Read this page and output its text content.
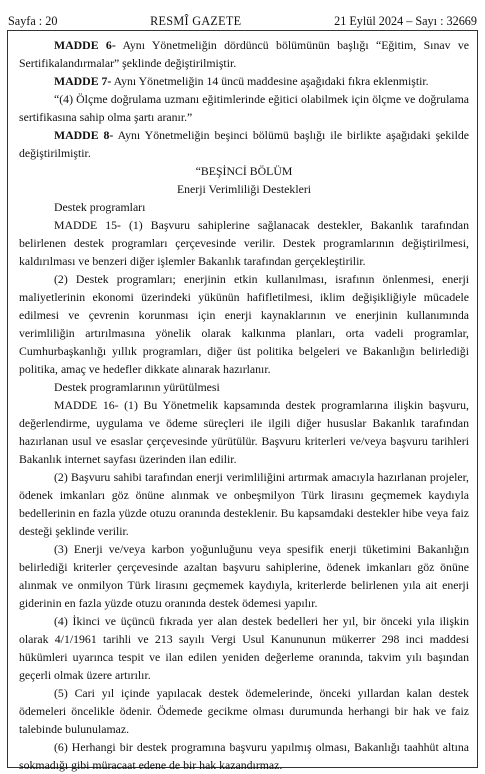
Sayfa : 20	RESMÎ GAZETE	21 Eylül 2024 – Sayı : 32669

MADDE 6- Aynı Yönetmeliğin dördüncü bölümünün başlığı “Eğitim, Sınav ve Sertifikalandırmalar” şeklinde değiştirilmiştir.

MADDE 7- Aynı Yönetmeliğin 14 üncü maddesine aşağıdaki fıkra eklenmiştir.

“(4) Ölçme doğrulama uzmanı eğitimlerinde eğitici olabilmek için ölçme ve doğrulama sertifikasına sahip olma şartı aranır.”

MADDE 8- Aynı Yönetmeliğin beşinci bölümü başlığı ile birlikte aşağıdaki şekilde değiştirilmiştir.

“BEŞİNCİ BÖLÜM

Enerji Verimliliği Destekleri

Destek programları

MADDE 15- (1) Başvuru sahiplerine sağlanacak destekler, Bakanlık tarafından belirlenen destek programları çerçevesinde verilir. Destek programlarının değiştirilmesi, kaldırılması ve benzeri diğer işlemler Bakanlık tarafından gerçekleştirilir.

(2) Destek programları; enerjinin etkin kullanılması, israfının önlenmesi, enerji maliyetlerinin ekonomi üzerindeki yükünün hafifletilmesi, iklim değişikliğiyle mücadele edilmesi ve çevrenin korunması için enerji kaynaklarının ve enerjinin kullanımında verimliliğin artırılmasına yönelik olarak kalkınma planları, orta vadeli programlar, Cumhurbaşkanlığı yıllık programları, diğer üst politika belgeleri ve Bakanlığın belirlediği politika, amaç ve hedefler dikkate alınarak hazırlanır.

Destek programlarının yürütülmesi

MADDE 16- (1) Bu Yönetmelik kapsamında destek programlarına ilişkin başvuru, değerlendirme, uygulama ve ödeme süreçleri ile ilgili diğer hususlar Bakanlık tarafından hazırlanan usul ve esaslar çerçevesinde yürütülür. Başvuru kriterleri ve/veya başvuru tarihleri Bakanlık internet sayfası üzerinden ilan edilir.

(2) Başvuru sahibi tarafından enerji verimliliğini artırmak amacıyla hazırlanan projeler, ödenek imkanları göz önüne alınmak ve onbeşmilyon Türk lirasını geçmemek kaydıyla bedellerinin en fazla yüzde otuzu oranında desteklenir. Bu kapsamdaki destekler hibe veya faiz desteği şeklinde verilir.

(3) Enerji ve/veya karbon yoğunluğunu veya spesifik enerji tüketimini Bakanlığın belirlediği kriterler çerçevesinde azaltan başvuru sahiplerine, ödenek imkanları göz önüne alınmak ve onmilyon Türk lirasını geçmemek kaydıyla, kriterlerde belirlenen yıla ait enerji giderinin en fazla yüzde otuzu oranında destek ödemesi yapılır.

(4) İkinci ve üçüncü fıkrada yer alan destek bedelleri her yıl, bir önceki yıla ilişkin olarak 4/1/1961 tarihli ve 213 sayılı Vergi Usul Kanununun mükerrer 298 inci maddesi hükümleri uyarınca tespit ve ilan edilen yeniden değerleme oranında, takvim yılı başından geçerli olmak üzere artırılır.

(5) Cari yıl içinde yapılacak destek ödemelerinde, önceki yıllardan kalan destek ödemeleri öncelikle ödenir. Ödemede gecikme olması durumunda herhangi bir hak ve faiz talebinde bulunulamaz.

(6) Herhangi bir destek programına başvuru yapılmış olması, Bakanlığı taahhüt altına sokmadığı gibi müracaat edene de bir hak kazandırmaz.
